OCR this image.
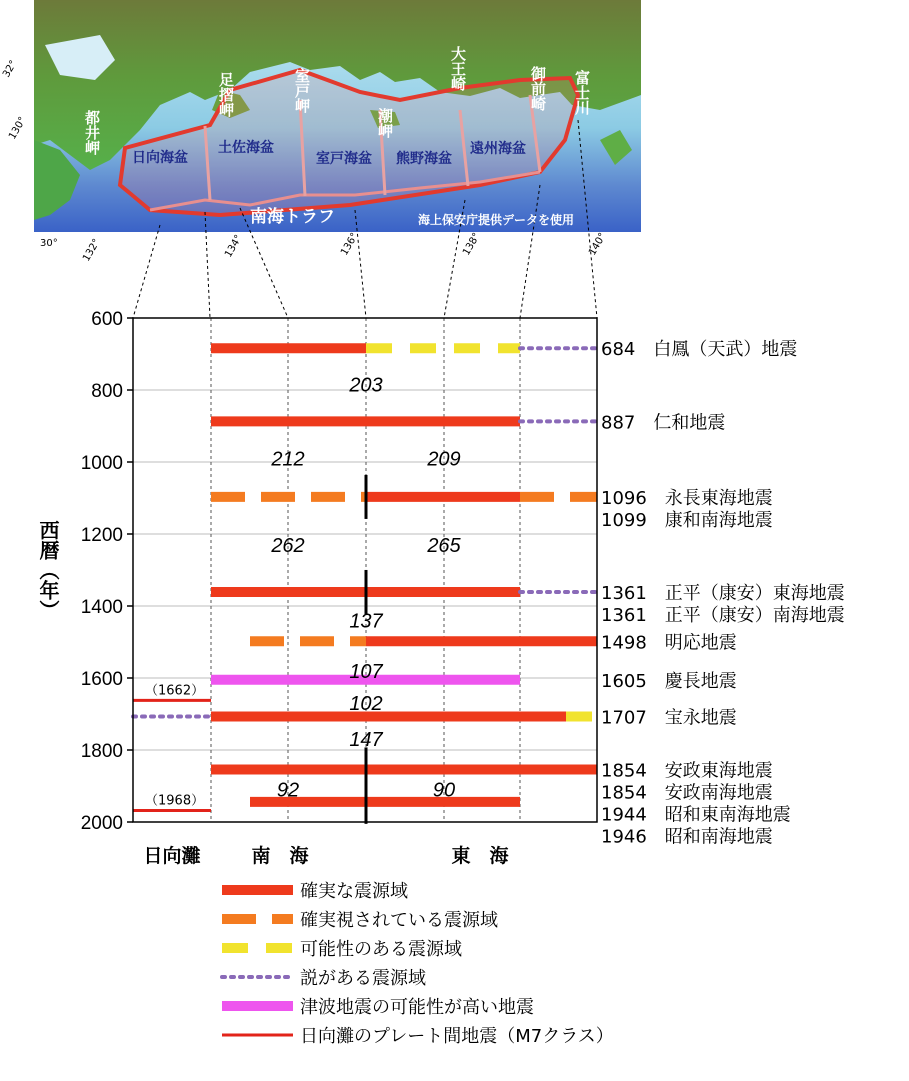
日向海盆
土佐海盆
室戸海盆 熊野海盆
遠州海盆
都井岬
足摺岬	室戸岬
潮岬
大王崎	御前崎 富士川
南海トラフ	海上保安庁提供データを使用
32°
130°
30° 132°	134°	136°	138°	140°
（1662）
（1968）
203
212	209
262	265
137
107
102
147
92	90
684　白鳳（天武）地震
887　仁和地震
1096　永長東海地震
1099　康和南海地震
1361　正平（康安）東海地震
1361　正平（康安）南海地震
1498　明応地震
1605　慶長地震
1707　宝永地震
1854　安政東海地震
1854　安政南海地震
1944　昭和東南海地震
1946　昭和南海地震
600
800
1000
1200
1400
1600
1800
2000
西暦（年）
日向灘	南　海	東　海
確実な震源域
確実視されている震源域
可能性のある震源域
説がある震源域
津波地震の可能性が高い地震
日向灘のプレート間地震（M7クラス）
